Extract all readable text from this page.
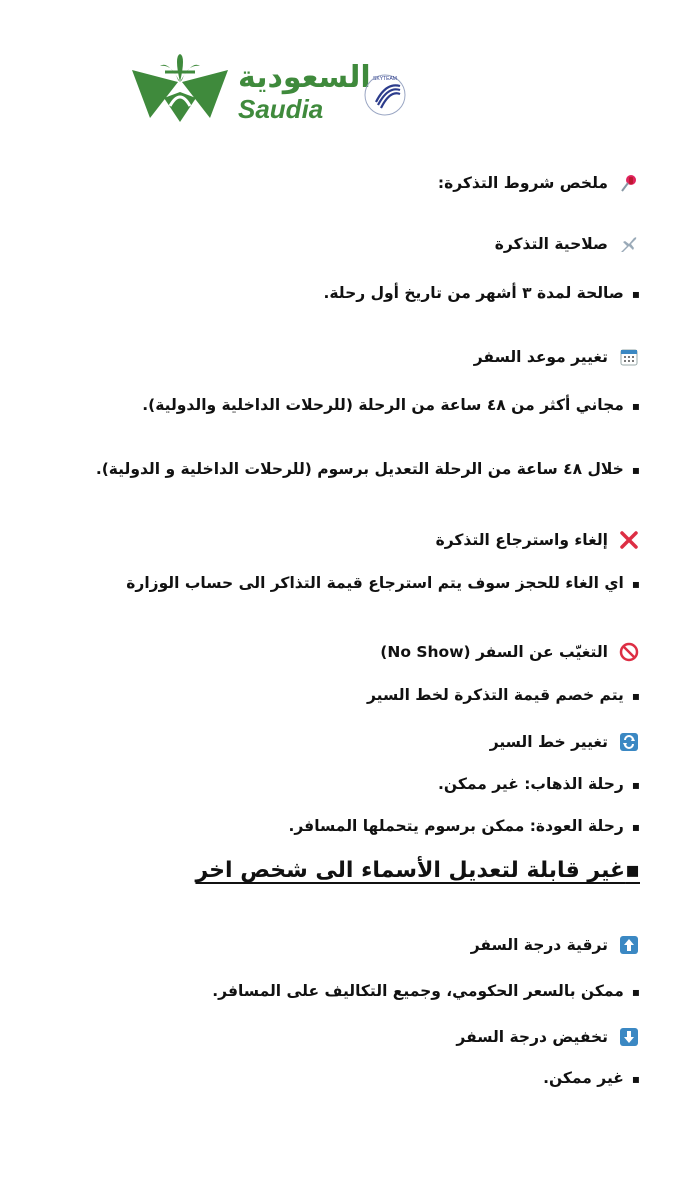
السعودية
Saudia
SKYTEAM
ملخص شروط التذكرة:
صلاحية التذكرة
▪صالحة لمدة ٣ أشهر من تاريخ أول رحلة.
تغيير موعد السفر
▪مجاني أكثر من ٤٨ ساعة من الرحلة (للرحلات الداخلية والدولية).
▪خلال ٤٨ ساعة من الرحلة التعديل برسوم (للرحلات الداخلية و الدولية).
إلغاء واسترجاع التذكرة
▪اي الغاء للحجز سوف يتم استرجاع قيمة التذاكر الى حساب الوزارة
التغيّب عن السفر (No Show)
▪يتم خصم قيمة التذكرة لخط السير
تغيير خط السير
▪رحلة الذهاب: غير ممكن.
▪رحلة العودة: ممكن برسوم يتحملها المسافر.
▪غير قابلة لتعديل الأسماء الى شخص اخر
ترقية درجة السفر
▪ممكن بالسعر الحكومي، وجميع التكاليف على المسافر.
تخفيض درجة السفر
▪غير ممكن.
